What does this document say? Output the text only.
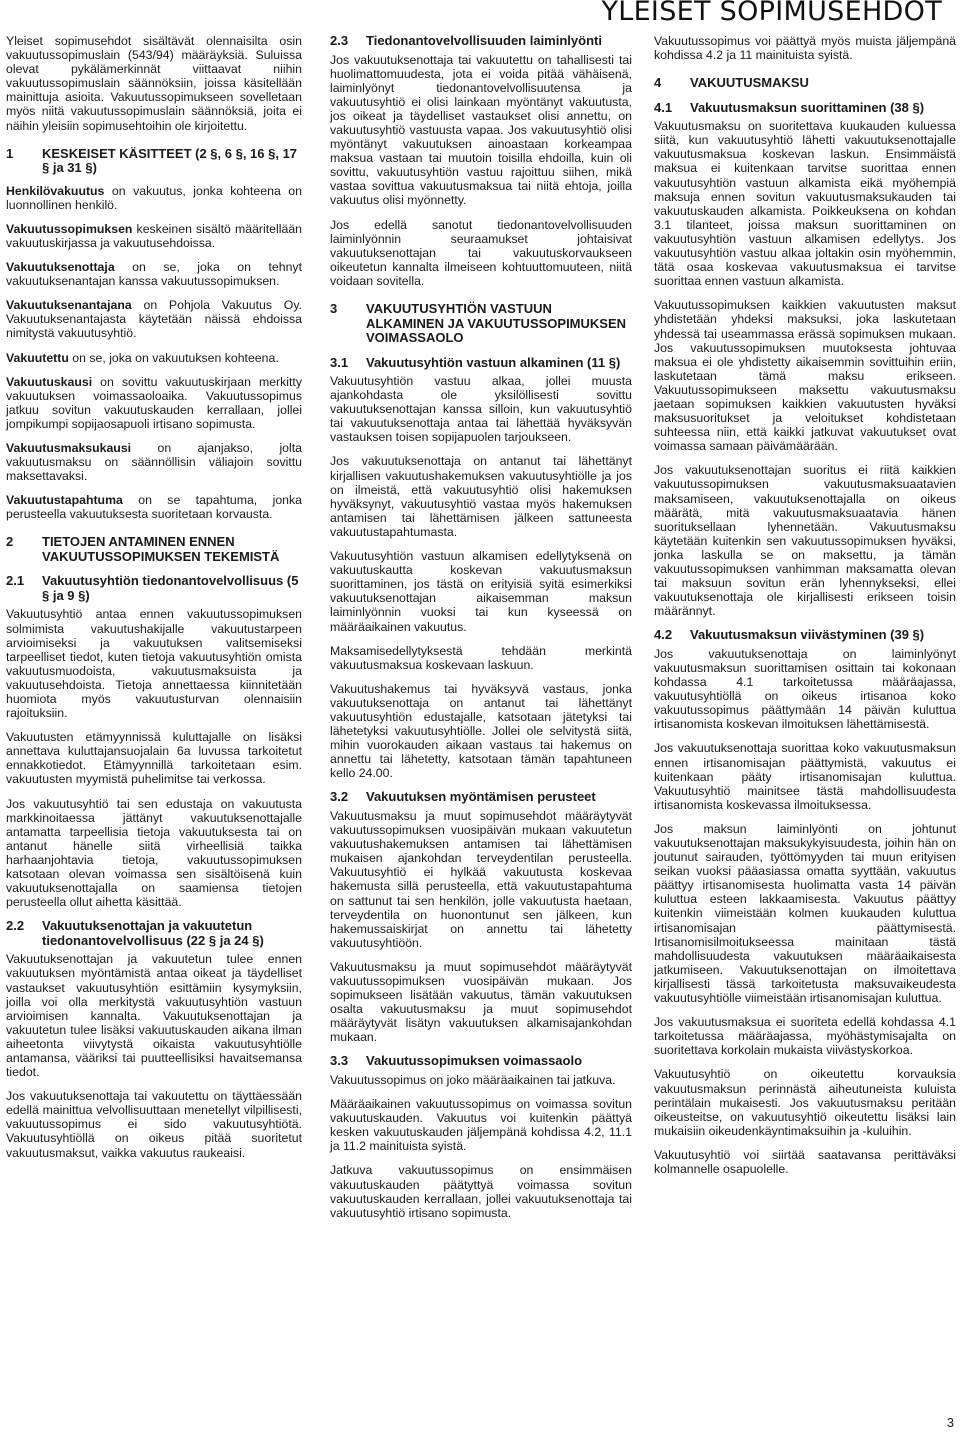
YLEISET SOPIMUSEHDOT

Yleiset sopimusehdot sisältävät olennaisilta osin vakuutussopimuslain (543/94) määräyksiä. Suluissa olevat pykälämerkinnät viittaavat niihin vakuutussopimuslain säännöksiin, joissa käsitellään mainittuja asioita. Vakuutussopimukseen sovelletaan myös niitä vakuutussopimuslain säännöksiä, joita ei näihin yleisiin sopimusehtoihin ole kirjoitettu.

1	KESKEISET KÄSITTEET (2 §, 6 §, 16 §, 17 § ja 31 §)

Henkilövakuutus on vakuutus, jonka kohteena on luonnollinen henkilö.

Vakuutussopimuksen keskeinen sisältö määritellään vakuutuskirjassa ja vakuutusehdoissa.

Vakuutuksenottaja on se, joka on tehnyt vakuutuksenantajan kanssa vakuutussopimuksen.

Vakuutuksenantajana on Pohjola Vakuutus Oy. Vakuutuksenantajasta käytetään näissä ehdoissa nimitystä vakuutusyhtiö.

Vakuutettu on se, joka on vakuutuksen kohteena.

Vakuutuskausi on sovittu vakuutuskirjaan merkitty vakuutuksen voimassaoloaika. Vakuutussopimus jatkuu sovitun vakuutuskauden kerrallaan, jollei jompikumpi sopijaosapuoli irtisano sopimusta.

Vakuutusmaksukausi on ajanjakso, jolta vakuutusmaksu on säännöllisin väliajoin sovittu maksettavaksi.

Vakuutustapahtuma on se tapahtuma, jonka perusteella vakuutuksesta suoritetaan korvausta.

2	TIETOJEN ANTAMINEN ENNEN VAKUUTUSSOPIMUKSEN TEKEMISTÄ
2.1	Vakuutusyhtiön tiedonantovelvollisuus (5 § ja 9 §)

Vakuutusyhtiö antaa ennen vakuutussopimuksen solmimista vakuutushakijalle vakuutustarpeen arvioimiseksi ja vakuutuksen valitsemiseksi tarpeelliset tiedot, kuten tietoja vakuutusyhtiön omista vakuutusmuodoista, vakuutusmaksuista ja vakuutusehdoista. Tietoja annettaessa kiinnitetään huomiota myös vakuutusturvan olennaisiin rajoituksiin.

Vakuutusten etämyynnissä kuluttajalle on lisäksi annettava kuluttajansuojalain 6a luvussa tarkoitetut ennakkotiedot. Etämyynnillä tarkoitetaan esim. vakuutusten myymistä puhelimitse tai verkossa.

Jos vakuutusyhtiö tai sen edustaja on vakuutusta markkinoitaessa jättänyt vakuutuksenottajalle antamatta tarpeellisia tietoja vakuutuksesta tai on antanut hänelle siitä virheellisiä taikka harhaanjohtavia tietoja, vakuutussopimuksen katsotaan olevan voimassa sen sisältöisenä kuin vakuutuksenottajalla on saamiensa tietojen perusteella ollut aihetta käsittää.

2.2	Vakuutuksenottajan ja vakuutetun tiedonantovelvollisuus (22 § ja 24 §)

Vakuutuksenottajan ja vakuutetun tulee ennen vakuutuksen myöntämistä antaa oikeat ja täydelliset vastaukset vakuutusyhtiön esittämiin kysymyksiin, joilla voi olla merkitystä vakuutusyhtiön vastuun arvioimisen kannalta. Vakuutuksenottajan ja vakuutetun tulee lisäksi vakuutuskauden aikana ilman aiheetonta viivytystä oikaista vakuutusyhtiölle antamansa, vääriksi tai puutteellisiksi havaitsemansa tiedot.

Jos vakuutuksenottaja tai vakuutettu on täyttäessään edellä mainittua velvollisuuttaan menetellyt vilpillisesti, vakuutussopimus ei sido vakuutusyhtiötä. Vakuutusyhtiöllä on oikeus pitää suoritetut vakuutusmaksut, vaikka vakuutus raukeaisi.

2.3	Tiedonantovelvollisuuden laiminlyönti

Jos vakuutuksenottaja tai vakuutettu on tahallisesti tai huolimattomuudesta, jota ei voida pitää vähäisenä, laiminlyönyt tiedonantovelvollisuutensa ja vakuutusyhtiö ei olisi lainkaan myöntänyt vakuutusta, jos oikeat ja täydelliset vastaukset olisi annettu, on vakuutusyhtiö vastuusta vapaa. Jos vakuutusyhtiö olisi myöntänyt vakuutuksen ainoastaan korkeampaa maksua vastaan tai muutoin toisilla ehdoilla, kuin oli sovittu, vakuutusyhtiön vastuu rajoittuu siihen, mikä vastaa sovittua vakuutusmaksua tai niitä ehtoja, joilla vakuutus olisi myönnetty.

Jos edellä sanotut tiedonantovelvollisuuden laiminlyönnin seuraamukset johtaisivat vakuutuksenottajan tai vakuutuskorvaukseen oikeutetun kannalta ilmeiseen kohtuuttomuuteen, niitä voidaan sovitella.

3	VAKUUTUSYHTIÖN VASTUUN ALKAMINEN JA VAKUUTUSSOPIMUKSEN VOIMASSAOLO
3.1	Vakuutusyhtiön vastuun alkaminen (11 §)

Vakuutusyhtiön vastuu alkaa, jollei muusta ajankohdasta ole yksilöllisesti sovittu vakuutuksenottajan kanssa silloin, kun vakuutusyhtiö tai vakuutuksenottaja antaa tai lähettää hyväksyvän vastauksen toisen sopijapuolen tarjoukseen.

Jos vakuutuksenottaja on antanut tai lähettänyt kirjallisen vakuutushakemuksen vakuutusyhtiölle ja jos on ilmeistä, että vakuutusyhtiö olisi hakemuksen hyväksynyt, vakuutusyhtiö vastaa myös hakemuksen antamisen tai lähettämisen jälkeen sattuneesta vakuutustapahtumasta.

Vakuutusyhtiön vastuun alkamisen edellytyksenä on vakuutuskautta koskevan vakuutusmaksun suorittaminen, jos tästä on erityisiä syitä esimerkiksi vakuutuksenottajan aikaisemman maksun laiminlyönnin vuoksi tai kun kyseessä on määräaikainen vakuutus.

Maksamisedellytyksestä tehdään merkintä vakuutusmaksua koskevaan laskuun.

Vakuutushakemus tai hyväksyvä vastaus, jonka vakuutuksenottaja on antanut tai lähettänyt vakuutusyhtiön edustajalle, katsotaan jätetyksi tai lähetetyksi vakuutusyhtiölle. Jollei ole selvitystä siitä, mihin vuorokauden aikaan vastaus tai hakemus on annettu tai lähetetty, katsotaan tämän tapahtuneen kello 24.00.

3.2	Vakuutuksen myöntämisen perusteet

Vakuutusmaksu ja muut sopimusehdot määräytyvät vakuutussopimuksen vuosipäivän mukaan vakuutetun vakuutushakemuksen antamisen tai lähettämisen mukaisen ajankohdan terveydentilan perusteella. Vakuutusyhtiö ei hylkää vakuutusta koskevaa hakemusta sillä perusteella, että vakuutustapahtuma on sattunut tai sen henkilön, jolle vakuutusta haetaan, terveydentila on huonontunut sen jälkeen, kun hakemussaiskirjat on annettu tai lähetetty vakuutusyhtiöön.

Vakuutusmaksu ja muut sopimusehdot määräytyvät vakuutussopimuksen vuosipäivän mukaan. Jos sopimukseen lisätään vakuutus, tämän vakuutuksen osalta vakuutusmaksu ja muut sopimusehdot määräytyvät lisätyn vakuutuksen alkamisajankohdan mukaan.

3.3	Vakuutussopimuksen voimassaolo

Vakuutussopimus on joko määräaikainen tai jatkuva.

Määräaikainen vakuutussopimus on voimassa sovitun vakuutuskauden. Vakuutus voi kuitenkin päättyä kesken vakuutuskauden jäljempänä kohdissa 4.2, 11.1 ja 11.2 mainituista syistä.

Jatkuva vakuutussopimus on ensimmäisen vakuutuskauden päätyttyä voimassa sovitun vakuutuskauden kerrallaan, jollei vakuutuksenottaja tai vakuutusyhtiö irtisano sopimusta.

Vakuutussopimus voi päättyä myös muista jäljempänä kohdissa 4.2 ja 11 mainituista syistä.

4	VAKUUTUSMAKSU
4.1	Vakuutusmaksun suorittaminen (38 §)

Vakuutusmaksu on suoritettava kuukauden kuluessa siitä, kun vakuutusyhtiö lähetti vakuutuksenottajalle vakuutusmaksua koskevan laskun. Ensimmäistä maksua ei kuitenkaan tarvitse suorittaa ennen vakuutusyhtiön vastuun alkamista eikä myöhempiä maksuja ennen sovitun vakuutusmaksukauden tai vakuutuskauden alkamista. Poikkeuksena on kohdan 3.1 tilanteet, joissa maksun suorittaminen on vakuutusyhtiön vastuun alkamisen edellytys. Jos vakuutusyhtiön vastuu alkaa joltakin osin myöhemmin, tätä osaa koskevaa vakuutusmaksua ei tarvitse suorittaa ennen vastuun alkamista.

Vakuutussopimuksen kaikkien vakuutusten maksut yhdistetään yhdeksi maksuksi, joka laskutetaan yhdessä tai useammassa erässä sopimuksen mukaan. Jos vakuutussopimuksen muutoksesta johtuvaa maksua ei ole yhdistetty aikaisemmin sovittuihin eriin, laskutetaan tämä maksu erikseen. Vakuutussopimukseen maksettu vakuutusmaksu jaetaan sopimuksen kaikkien vakuutusten hyväksi maksusuoritukset ja veloitukset kohdistetaan suhteessa niin, että kaikki jatkuvat vakuutukset ovat voimassa samaan päivämäärään.

Jos vakuutuksenottajan suoritus ei riitä kaikkien vakuutussopimuksen vakuutusmaksuaatavien maksamiseen, vakuutuksenottajalla on oikeus määrätä, mitä vakuutusmaksuaatavia hänen suorituksellaan lyhennetään. Vakuutusmaksu käytetään kuitenkin sen vakuutussopimuksen hyväksi, jonka laskulla se on maksettu, ja tämän vakuutussopimuksen vanhimman maksamatta olevan tai maksuun sovitun erän lyhennykseksi, ellei vakuutuksenottaja ole kirjallisesti erikseen toisin määrännyt.

4.2	Vakuutusmaksun viivästyminen (39 §)

Jos vakuutuksenottaja on laiminlyönyt vakuutusmaksun suorittamisen osittain tai kokonaan kohdassa 4.1 tarkoitetussa määräajassa, vakuutusyhtiöllä on oikeus irtisanoa koko vakuutussopimus päättymään 14 päivän kuluttua irtisanomista koskevan ilmoituksen lähettämisestä.

Jos vakuutuksenottaja suorittaa koko vakuutusmaksun ennen irtisanomisajan päättymistä, vakuutus ei kuitenkaan pääty irtisanomisajan kuluttua. Vakuutusyhtiö mainitsee tästä mahdollisuudesta irtisanomista koskevassa ilmoituksessa.

Jos maksun laiminlyönti on johtunut vakuutuksenottajan maksukykyisuudesta, joihin hän on joutunut sairauden, työttömyyden tai muun erityisen seikan vuoksi pääasiassa omatta syyttään, vakuutus päättyy irtisanomisesta huolimatta vasta 14 päivän kuluttua esteen lakkaamisesta. Vakuutus päättyy kuitenkin viimeistään kolmen kuukauden kuluttua irtisanomisajan päättymisestä. Irtisanomisilmoitukseessa mainitaan tästä mahdollisuudesta vakuutuksen määräaikaisesta jatkumiseen. Vakuutuksenottajan on ilmoitettava kirjallisesti tässä tarkoitetusta maksuvaikeudesta vakuutusyhtiölle viimeistään irtisanomisajan kuluttua.

Jos vakuutusmaksua ei suoriteta edellä kohdassa 4.1 tarkoitetussa määräajassa, myöhästymisajalta on suoritettava korkolain mukaista viivästyskorkoa.

Vakuutusyhtiö on oikeutettu korvauksia vakuutusmaksun perinnästä aiheutuneista kuluista perintälain mukaisesti. Jos vakuutusmaksu peritään oikeusteitse, on vakuutusyhtiö oikeutettu lisäksi lain mukaisiin oikeudenkäyntimaksuihin ja -kuluihin.

Vakuutusyhtiö voi siirtää saatavansa perittäväksi kolmannelle osapuolelle.

3
